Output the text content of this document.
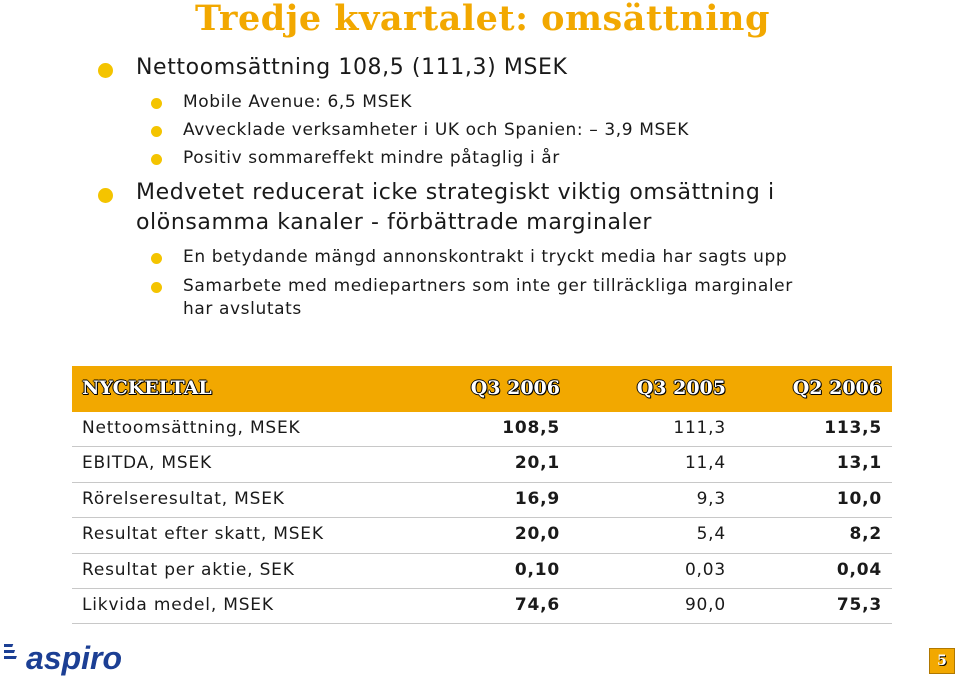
Tredje kvartalet: omsättning
Nettoomsättning 108,5 (111,3) MSEK
Mobile Avenue: 6,5 MSEK
Avvecklade verksamheter i UK och Spanien: – 3,9 MSEK
Positiv sommareffekt mindre påtaglig i år
Medvetet reducerat icke strategiskt viktig omsättning i
olönsamma kanaler - förbättrade marginaler
En betydande mängd annonskontrakt i tryckt media har sagts upp
Samarbete med mediepartners som inte ger tillräckliga marginaler
har avslutats
NYCKELTAL	Q3 2006	Q3 2005	Q2 2006
Nettoomsättning, MSEK	108,5	111,3	113,5
EBITDA, MSEK	20,1	11,4	13,1
Rörelseresultat, MSEK	16,9	9,3	10,0
Resultat efter skatt, MSEK	20,0	5,4	8,2
Resultat per aktie, SEK	0,10	0,03	0,04
Likvida medel, MSEK	74,6	90,0	75,3
aspiro	5
